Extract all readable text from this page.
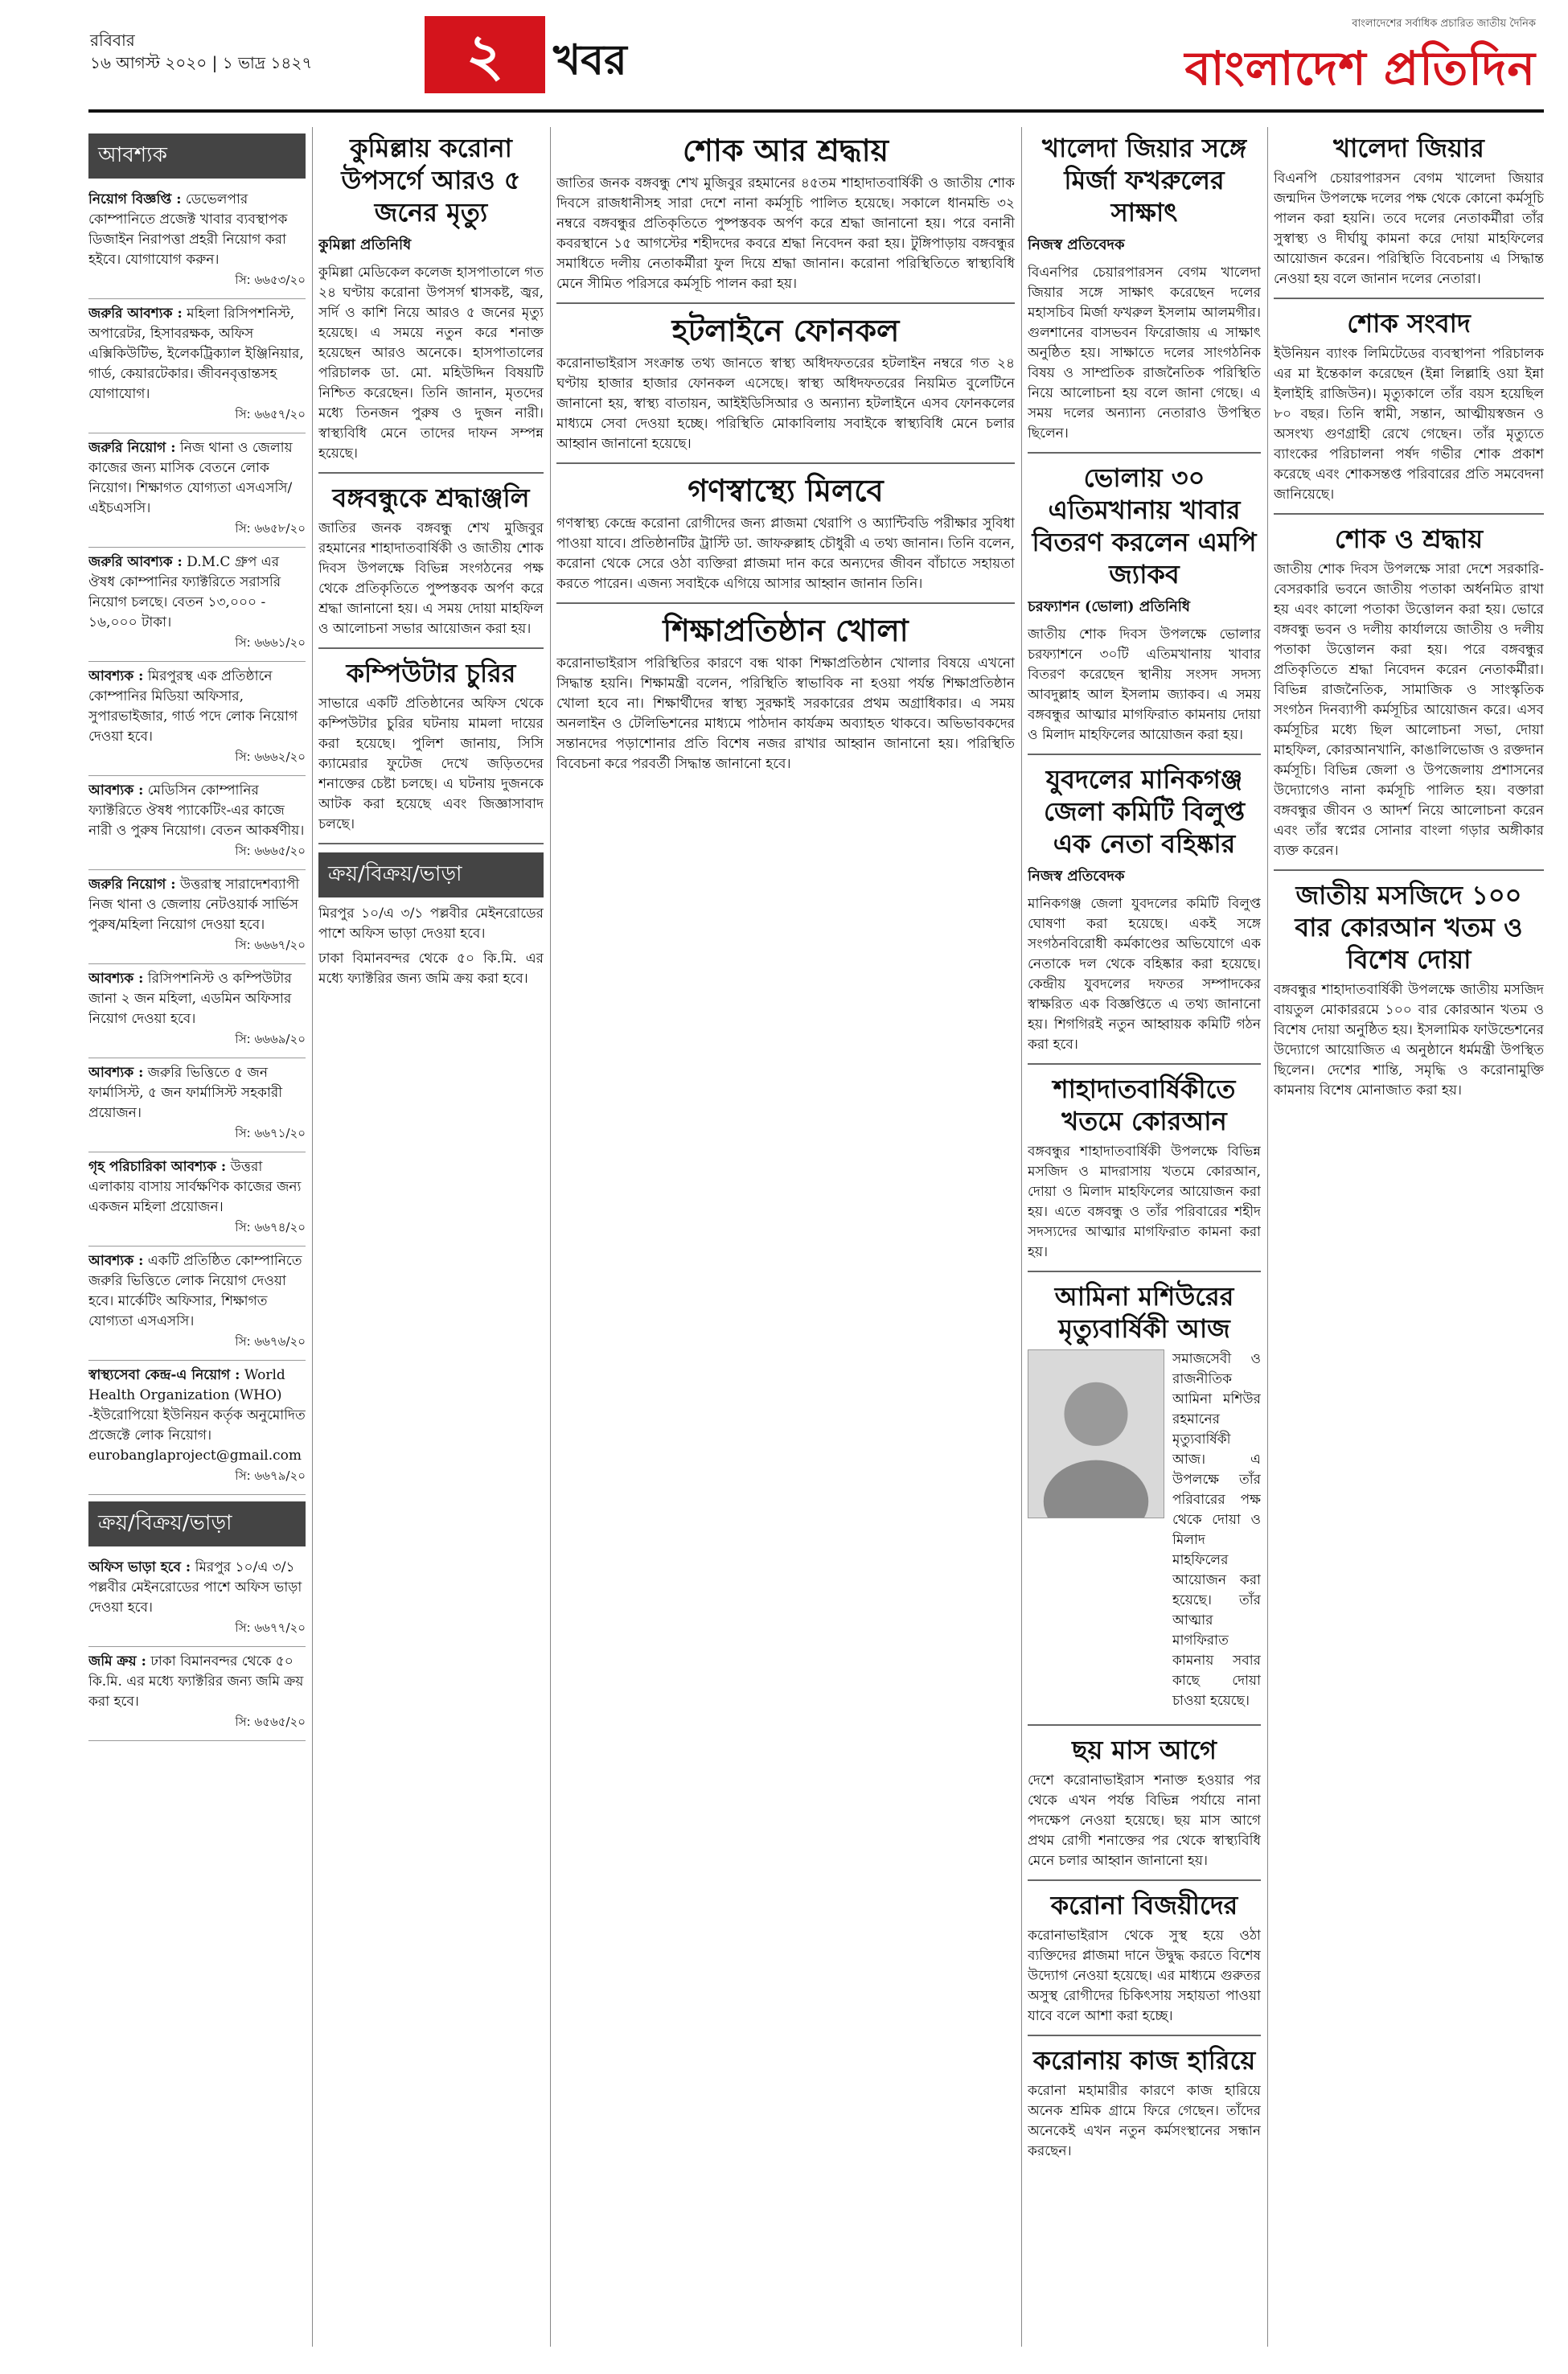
রবিবার
১৬ আগস্ট ২০২০ | ১ ভাদ্র ১৪২৭	২	খবর
বাংলাদেশের সর্বাধিক প্রচারিত জাতীয় দৈনিক
বাংলাদেশ প্রতিদিন
আবশ্যক
নিয়োগ বিজ্ঞপ্তি : ডেভেলপার কোম্পানিতে প্রজেক্ট খাবার ব্যবস্থাপক ডিজাইন নিরাপত্তা প্রহরী নিয়োগ করা হইবে। যোগাযোগ করুন।
সি: ৬৬৫৩/২০
জরুরি আবশ্যক : মহিলা রিসিপশনিস্ট, অপারেটর, হিসাবরক্ষক, অফিস এক্সিকিউটিভ, ইলেকট্রিক্যাল ইঞ্জিনিয়ার, গার্ড, কেয়ারটেকার। জীবনবৃত্তান্তসহ যোগাযোগ।
সি: ৬৬৫৭/২০
জরুরি নিয়োগ : নিজ থানা ও জেলায় কাজের জন্য মাসিক বেতনে লোক নিয়োগ। শিক্ষাগত যোগ্যতা এসএসসি/এইচএসসি।
সি: ৬৬৫৮/২০
জরুরি আবশ্যক : D.M.C গ্রুপ এর ঔষধ কোম্পানির ফ্যাক্টরিতে সরাসরি নিয়োগ চলছে। বেতন ১৩,০০০ - ১৬,০০০ টাকা।
সি: ৬৬৬১/২০
আবশ্যক : মিরপুরস্থ এক প্রতিষ্ঠানে কোম্পানির মিডিয়া অফিসার, সুপারভাইজার, গার্ড পদে লোক নিয়োগ দেওয়া হবে।
সি: ৬৬৬২/২০
আবশ্যক : মেডিসিন কোম্পানির ফ্যাক্টরিতে ঔষধ প্যাকেটিং-এর কাজে নারী ও পুরুষ নিয়োগ। বেতন আকর্ষণীয়।
সি: ৬৬৬৫/২০
জরুরি নিয়োগ : উত্তরাস্থ সারাদেশব্যাপী নিজ থানা ও জেলায় নেটওয়ার্ক সার্ভিস পুরুষ/মহিলা নিয়োগ দেওয়া হবে।
সি: ৬৬৬৭/২০
আবশ্যক : রিসিপশনিস্ট ও কম্পিউটার জানা ২ জন মহিলা, এডমিন অফিসার নিয়োগ দেওয়া হবে।
সি: ৬৬৬৯/২০
আবশ্যক : জরুরি ভিত্তিতে ৫ জন ফার্মাসিস্ট, ৫ জন ফার্মাসিস্ট সহকারী প্রয়োজন।
সি: ৬৬৭১/২০
গৃহ পরিচারিকা আবশ্যক : উত্তরা এলাকায় বাসায় সার্বক্ষণিক কাজের জন্য একজন মহিলা প্রয়োজন।
সি: ৬৬৭৪/২০
আবশ্যক : একটি প্রতিষ্ঠিত কোম্পানিতে জরুরি ভিত্তিতে লোক নিয়োগ দেওয়া হবে। মার্কেটিং অফিসার, শিক্ষাগত যোগ্যতা এসএসসি।
সি: ৬৬৭৬/২০
স্বাস্থ্যসেবা কেন্দ্র-এ নিয়োগ : World Health Organization (WHO) -ইউরোপিয়ো ইউনিয়ন কর্তৃক অনুমোদিত প্রজেক্টে লোক নিয়োগ। eurobanglaproject@gmail.com
সি: ৬৬৭৯/২০
ক্রয়/বিক্রয়/ভাড়া
অফিস ভাড়া হবে : মিরপুর ১০/এ ৩/১ পল্লবীর মেইনরোডের পাশে অফিস ভাড়া দেওয়া হবে।
সি: ৬৬৭৭/২০
জমি ক্রয় : ঢাকা বিমানবন্দর থেকে ৫০ কি.মি. এর মধ্যে ফ্যাক্টরির জন্য জমি ক্রয় করা হবে।
সি: ৬৫৬৫/২০
কুমিল্লায় করোনা উপসর্গে আরও ৫ জনের মৃত্যু
কুমিল্লা প্রতিনিধি
কুমিল্লা মেডিকেল কলেজ হাসপাতালে গত ২৪ ঘণ্টায় করোনা উপসর্গ শ্বাসকষ্ট, জ্বর, সর্দি ও কাশি নিয়ে আরও ৫ জনের মৃত্যু হয়েছে। এ সময়ে নতুন করে শনাক্ত হয়েছেন আরও অনেকে। হাসপাতালের পরিচালক ডা. মো. মহিউদ্দিন বিষয়টি নিশ্চিত করেছেন। তিনি জানান, মৃতদের মধ্যে তিনজন পুরুষ ও দুজন নারী। স্বাস্থ্যবিধি মেনে তাদের দাফন সম্পন্ন হয়েছে।
বঙ্গবন্ধুকে শ্রদ্ধাঞ্জলি
জাতির জনক বঙ্গবন্ধু শেখ মুজিবুর রহমানের শাহাদাতবার্ষিকী ও জাতীয় শোক দিবস উপলক্ষে বিভিন্ন সংগঠনের পক্ষ থেকে প্রতিকৃতিতে পুষ্পস্তবক অর্পণ করে শ্রদ্ধা জানানো হয়। এ সময় দোয়া মাহফিল ও আলোচনা সভার আয়োজন করা হয়।
কম্পিউটার চুরির
সাভারে একটি প্রতিষ্ঠানের অফিস থেকে কম্পিউটার চুরির ঘটনায় মামলা দায়ের করা হয়েছে। পুলিশ জানায়, সিসি ক্যামেরার ফুটেজ দেখে জড়িতদের শনাক্তের চেষ্টা চলছে। এ ঘটনায় দুজনকে আটক করা হয়েছে এবং জিজ্ঞাসাবাদ চলছে।
ক্রয়/বিক্রয়/ভাড়া
মিরপুর ১০/এ ৩/১ পল্লবীর মেইনরোডের পাশে অফিস ভাড়া দেওয়া হবে।
ঢাকা বিমানবন্দর থেকে ৫০ কি.মি. এর মধ্যে ফ্যাক্টরির জন্য জমি ক্রয় করা হবে।
শোক আর শ্রদ্ধায়
জাতির জনক বঙ্গবন্ধু শেখ মুজিবুর রহমানের ৪৫তম শাহাদাতবার্ষিকী ও জাতীয় শোক দিবসে রাজধানীসহ সারা দেশে নানা কর্মসূচি পালিত হয়েছে। সকালে ধানমন্ডি ৩২ নম্বরে বঙ্গবন্ধুর প্রতিকৃতিতে পুষ্পস্তবক অর্পণ করে শ্রদ্ধা জানানো হয়। পরে বনানী কবরস্থানে ১৫ আগস্টের শহীদদের কবরে শ্রদ্ধা নিবেদন করা হয়। টুঙ্গিপাড়ায় বঙ্গবন্ধুর সমাধিতে দলীয় নেতাকর্মীরা ফুল দিয়ে শ্রদ্ধা জানান। করোনা পরিস্থিতিতে স্বাস্থ্যবিধি মেনে সীমিত পরিসরে কর্মসূচি পালন করা হয়।
হটলাইনে ফোনকল
করোনাভাইরাস সংক্রান্ত তথ্য জানতে স্বাস্থ্য অধিদফতরের হটলাইন নম্বরে গত ২৪ ঘণ্টায় হাজার হাজার ফোনকল এসেছে। স্বাস্থ্য অধিদফতরের নিয়মিত বুলেটিনে জানানো হয়, স্বাস্থ্য বাতায়ন, আইইডিসিআর ও অন্যান্য হটলাইনে এসব ফোনকলের মাধ্যমে সেবা দেওয়া হচ্ছে। পরিস্থিতি মোকাবিলায় সবাইকে স্বাস্থ্যবিধি মেনে চলার আহ্বান জানানো হয়েছে।
গণস্বাস্থ্যে মিলবে
গণস্বাস্থ্য কেন্দ্রে করোনা রোগীদের জন্য প্লাজমা থেরাপি ও অ্যান্টিবডি পরীক্ষার সুবিধা পাওয়া যাবে। প্রতিষ্ঠানটির ট্রাস্টি ডা. জাফরুল্লাহ চৌধুরী এ তথ্য জানান। তিনি বলেন, করোনা থেকে সেরে ওঠা ব্যক্তিরা প্লাজমা দান করে অন্যদের জীবন বাঁচাতে সহায়তা করতে পারেন। এজন্য সবাইকে এগিয়ে আসার আহ্বান জানান তিনি।
শিক্ষাপ্রতিষ্ঠান খোলা
করোনাভাইরাস পরিস্থিতির কারণে বন্ধ থাকা শিক্ষাপ্রতিষ্ঠান খোলার বিষয়ে এখনো সিদ্ধান্ত হয়নি। শিক্ষামন্ত্রী বলেন, পরিস্থিতি স্বাভাবিক না হওয়া পর্যন্ত শিক্ষাপ্রতিষ্ঠান খোলা হবে না। শিক্ষার্থীদের স্বাস্থ্য সুরক্ষাই সরকারের প্রথম অগ্রাধিকার। এ সময় অনলাইন ও টেলিভিশনের মাধ্যমে পাঠদান কার্যক্রম অব্যাহত থাকবে। অভিভাবকদের সন্তানদের পড়াশোনার প্রতি বিশেষ নজর রাখার আহ্বান জানানো হয়। পরিস্থিতি বিবেচনা করে পরবর্তী সিদ্ধান্ত জানানো হবে।
খালেদা জিয়ার সঙ্গে মির্জা ফখরুলের সাক্ষাৎ
নিজস্ব প্রতিবেদক
বিএনপির চেয়ারপারসন বেগম খালেদা জিয়ার সঙ্গে সাক্ষাৎ করেছেন দলের মহাসচিব মির্জা ফখরুল ইসলাম আলমগীর। গুলশানের বাসভবন ফিরোজায় এ সাক্ষাৎ অনুষ্ঠিত হয়। সাক্ষাতে দলের সাংগঠনিক বিষয় ও সাম্প্রতিক রাজনৈতিক পরিস্থিতি নিয়ে আলোচনা হয় বলে জানা গেছে। এ সময় দলের অন্যান্য নেতারাও উপস্থিত ছিলেন।
ভোলায় ৩০ এতিমখানায় খাবার বিতরণ করলেন এমপি জ্যাকব
চরফ্যাশন (ভোলা) প্রতিনিধি
জাতীয় শোক দিবস উপলক্ষে ভোলার চরফ্যাশনে ৩০টি এতিমখানায় খাবার বিতরণ করেছেন স্থানীয় সংসদ সদস্য আবদুল্লাহ আল ইসলাম জ্যাকব। এ সময় বঙ্গবন্ধুর আত্মার মাগফিরাত কামনায় দোয়া ও মিলাদ মাহফিলের আয়োজন করা হয়।
যুবদলের মানিকগঞ্জ জেলা কমিটি বিলুপ্ত এক নেতা বহিষ্কার
নিজস্ব প্রতিবেদক
মানিকগঞ্জ জেলা যুবদলের কমিটি বিলুপ্ত ঘোষণা করা হয়েছে। একই সঙ্গে সংগঠনবিরোধী কর্মকাণ্ডের অভিযোগে এক নেতাকে দল থেকে বহিষ্কার করা হয়েছে। কেন্দ্রীয় যুবদলের দফতর সম্পাদকের স্বাক্ষরিত এক বিজ্ঞপ্তিতে এ তথ্য জানানো হয়। শিগগিরই নতুন আহ্বায়ক কমিটি গঠন করা হবে।
শাহাদাতবার্ষিকীতে খতমে কোরআন
বঙ্গবন্ধুর শাহাদাতবার্ষিকী উপলক্ষে বিভিন্ন মসজিদ ও মাদরাসায় খতমে কোরআন, দোয়া ও মিলাদ মাহফিলের আয়োজন করা হয়। এতে বঙ্গবন্ধু ও তাঁর পরিবারের শহীদ সদস্যদের আত্মার মাগফিরাত কামনা করা হয়।
আমিনা মশিউরের মৃত্যুবার্ষিকী আজ
সমাজসেবী ও রাজনীতিক আমিনা মশিউর রহমানের মৃত্যুবার্ষিকী আজ। এ উপলক্ষে তাঁর পরিবারের পক্ষ থেকে দোয়া ও মিলাদ মাহফিলের আয়োজন করা হয়েছে। তাঁর আত্মার মাগফিরাত কামনায় সবার কাছে দোয়া চাওয়া হয়েছে।
ছয় মাস আগে
দেশে করোনাভাইরাস শনাক্ত হওয়ার পর থেকে এখন পর্যন্ত বিভিন্ন পর্যায়ে নানা পদক্ষেপ নেওয়া হয়েছে। ছয় মাস আগে প্রথম রোগী শনাক্তের পর থেকে স্বাস্থ্যবিধি মেনে চলার আহ্বান জানানো হয়।
করোনা বিজয়ীদের
করোনাভাইরাস থেকে সুস্থ হয়ে ওঠা ব্যক্তিদের প্লাজমা দানে উদ্বুদ্ধ করতে বিশেষ উদ্যোগ নেওয়া হয়েছে। এর মাধ্যমে গুরুতর অসুস্থ রোগীদের চিকিৎসায় সহায়তা পাওয়া যাবে বলে আশা করা হচ্ছে।
করোনায় কাজ হারিয়ে
করোনা মহামারীর কারণে কাজ হারিয়ে অনেক শ্রমিক গ্রামে ফিরে গেছেন। তাঁদের অনেকেই এখন নতুন কর্মসংস্থানের সন্ধান করছেন।
খালেদা জিয়ার
বিএনপি চেয়ারপারসন বেগম খালেদা জিয়ার জন্মদিন উপলক্ষে দলের পক্ষ থেকে কোনো কর্মসূচি পালন করা হয়নি। তবে দলের নেতাকর্মীরা তাঁর সুস্বাস্থ্য ও দীর্ঘায়ু কামনা করে দোয়া মাহফিলের আয়োজন করেন। পরিস্থিতি বিবেচনায় এ সিদ্ধান্ত নেওয়া হয় বলে জানান দলের নেতারা।
শোক সংবাদ
ইউনিয়ন ব্যাংক লিমিটেডের ব্যবস্থাপনা পরিচালক এর মা ইন্তেকাল করেছেন (ইন্না লিল্লাহি ওয়া ইন্না ইলাইহি রাজিউন)। মৃত্যুকালে তাঁর বয়স হয়েছিল ৮০ বছর। তিনি স্বামী, সন্তান, আত্মীয়স্বজন ও অসংখ্য গুণগ্রাহী রেখে গেছেন। তাঁর মৃত্যুতে ব্যাংকের পরিচালনা পর্ষদ গভীর শোক প্রকাশ করেছে এবং শোকসন্তপ্ত পরিবারের প্রতি সমবেদনা জানিয়েছে।
শোক ও শ্রদ্ধায়
জাতীয় শোক দিবস উপলক্ষে সারা দেশে সরকারি-বেসরকারি ভবনে জাতীয় পতাকা অর্ধনমিত রাখা হয় এবং কালো পতাকা উত্তোলন করা হয়। ভোরে বঙ্গবন্ধু ভবন ও দলীয় কার্যালয়ে জাতীয় ও দলীয় পতাকা উত্তোলন করা হয়। পরে বঙ্গবন্ধুর প্রতিকৃতিতে শ্রদ্ধা নিবেদন করেন নেতাকর্মীরা। বিভিন্ন রাজনৈতিক, সামাজিক ও সাংস্কৃতিক সংগঠন দিনব্যাপী কর্মসূচির আয়োজন করে। এসব কর্মসূচির মধ্যে ছিল আলোচনা সভা, দোয়া মাহফিল, কোরআনখানি, কাঙালিভোজ ও রক্তদান কর্মসূচি। বিভিন্ন জেলা ও উপজেলায় প্রশাসনের উদ্যোগেও নানা কর্মসূচি পালিত হয়। বক্তারা বঙ্গবন্ধুর জীবন ও আদর্শ নিয়ে আলোচনা করেন এবং তাঁর স্বপ্নের সোনার বাংলা গড়ার অঙ্গীকার ব্যক্ত করেন।
জাতীয় মসজিদে ১০০ বার কোরআন খতম ও বিশেষ দোয়া
বঙ্গবন্ধুর শাহাদাতবার্ষিকী উপলক্ষে জাতীয় মসজিদ বায়তুল মোকাররমে ১০০ বার কোরআন খতম ও বিশেষ দোয়া অনুষ্ঠিত হয়। ইসলামিক ফাউন্ডেশনের উদ্যোগে আয়োজিত এ অনুষ্ঠানে ধর্মমন্ত্রী উপস্থিত ছিলেন। দেশের শান্তি, সমৃদ্ধি ও করোনামুক্তি কামনায় বিশেষ মোনাজাত করা হয়।
